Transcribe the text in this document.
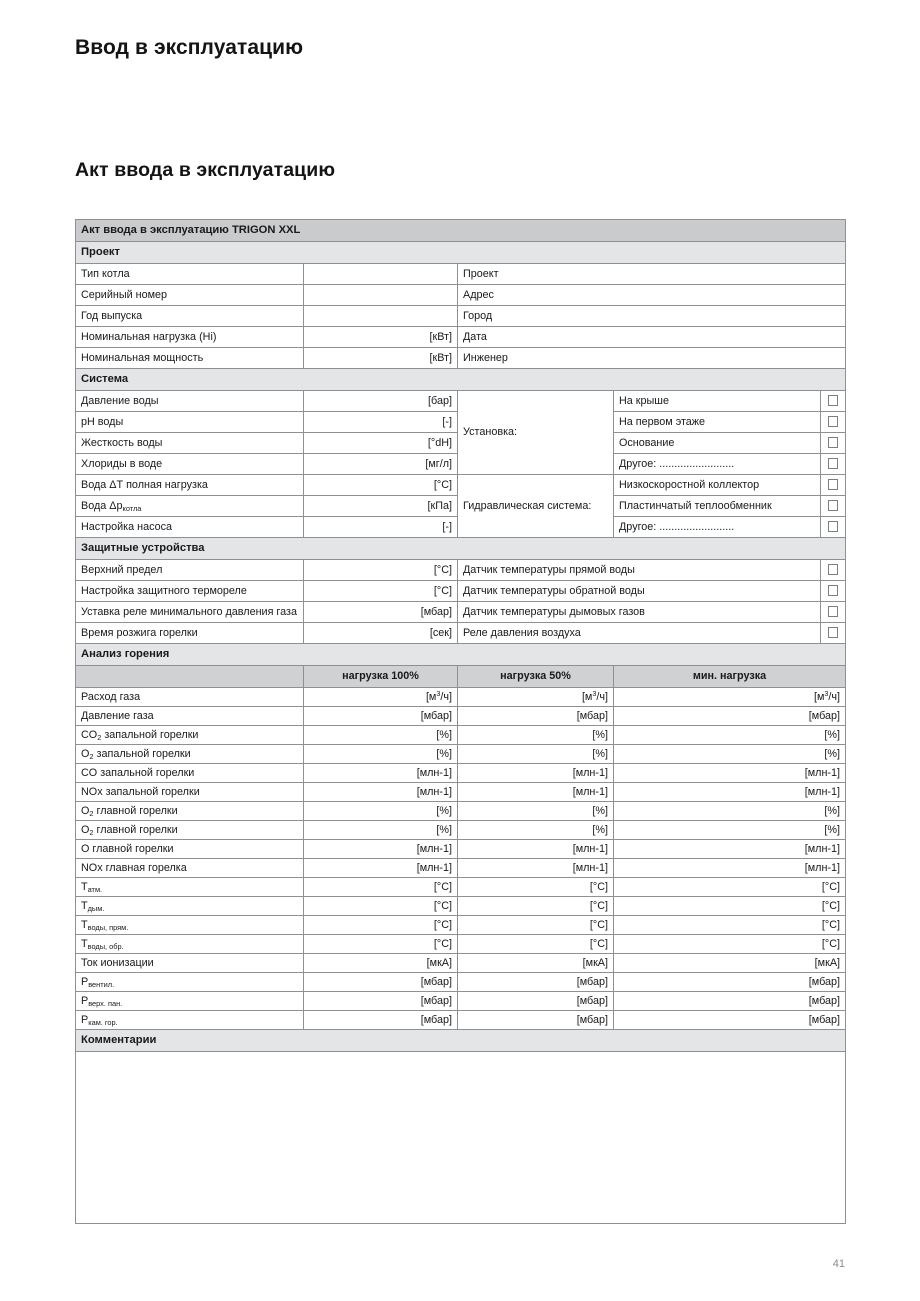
Ввод в эксплуатацию
Акт ввода в эксплуатацию
Акт ввода в эксплуатацию TRIGON XXL				
Проект				
Тип котла		Проект		
Серийный номер		Адрес		
Год выпуска		Город		
Номинальная нагрузка (Hi)	[кВт]	Дата		
Номинальная мощность	[кВт]	Инженер		
Система				
Давление воды	[бар]	Установка:	На крыше	
pH воды	[-]		На первом этаже	
Жесткость воды	[°dH]		Основание	
Хлориды в воде	[мг/л]		Другое: .........................	
Вода ΔТ полная нагрузка	[°C]	Гидравлическая система:	Низкоскоростной коллектор	
Вода Δркотла	[кПа]		Пластинчатый теплообменник	
Настройка насоса	[-]		Другое: .........................	
Защитные устройства				
Верхний предел	[°C]	Датчик температуры прямой воды		
Настройка защитного термореле	[°C]	Датчик температуры обратной воды		
Уставка реле минимального давления газа	[мбар]	Датчик температуры дымовых газов		
Время розжига горелки	[сек]	Реле давления воздуха		
Анализ горения				
	нагрузка 100%	нагрузка 50%	мин. нагрузка	
Расход газа	$[м^3/ч]$	$[м^3/ч]$	$[м^3/ч]$	
Давление газа	[мбар]	[мбар]	[мбар]	
$CO_2$ запальной горелки	[%]	[%]	[%]	
$O_2$ запальной горелки	[%]	[%]	[%]	
CO запальной горелки	[млн-1]	[млн-1]	[млн-1]	
NOx запальной горелки	[млн-1]	[млн-1]	[млн-1]	
$O_2$ главной горелки	[%]	[%]	[%]	
$O_2$ главной горелки	[%]	[%]	[%]	
О главной горелки	[млн-1]	[млн-1]	[млн-1]	
NOx главная горелка	[млн-1]	[млн-1]	[млн-1]	
Tатм.	[°C]	[°C]	[°C]	
Tдым.	[°C]	[°C]	[°C]	
Tводы, прям.	[°C]	[°C]	[°C]	
Tводы, обр.	[°C]	[°C]	[°C]	
Ток ионизации	[мкА]	[мкА]	[мкА]	
Pвентил.	[мбар]	[мбар]	[мбар]	
Pверх. пан.	[мбар]	[мбар]	[мбар]	
Pкам. гор.	[мбар]	[мбар]	[мбар]	
Комментарии				

41
